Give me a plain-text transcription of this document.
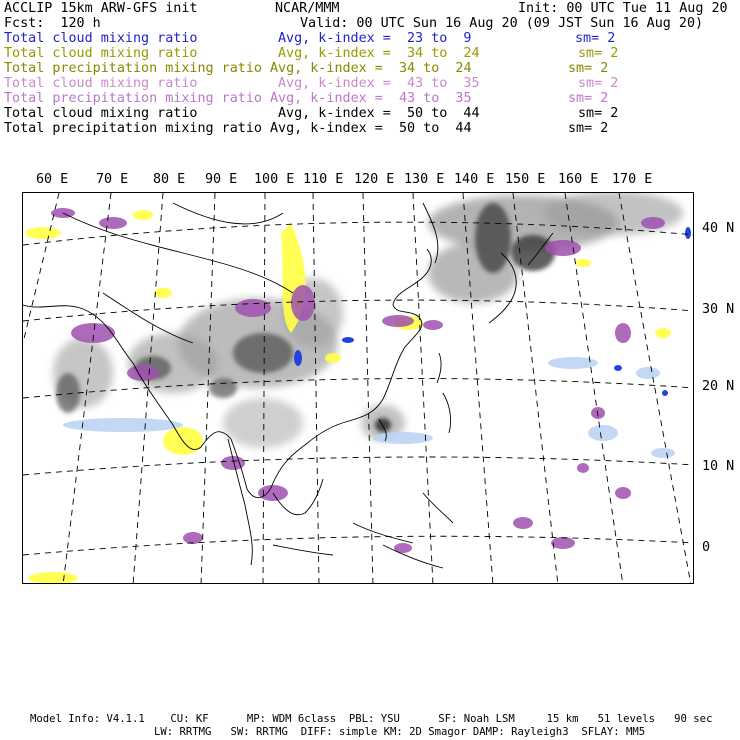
ACCLIP 15km ARW-GFS init	NCAR/MMM	Init: 00 UTC Tue 11 Aug 20
Fcst:  120 h	Valid: 00 UTC Sun 16 Aug 20 (09 JST Sun 16 Aug 20)
Total cloud mixing ratio	Avg, k-index =  23 to  9	sm= 2
Total cloud mixing ratio	Avg, k-index =  34 to  24	sm= 2
Total precipitation mixing ratio Avg, k-index =  34 to  24	sm= 2
Total cloud mixing ratio	Avg, k-index =  43 to  35	sm= 2
Total precipitation mixing ratio Avg, k-index =  43 to  35	sm= 2
Total cloud mixing ratio	Avg, k-index =  50 to  44	sm= 2
Total precipitation mixing ratio Avg, k-index =  50 to  44	sm= 2
60 E 70 E 80 E 90 E 100 E 110 E 120 E 130 E 140 E 150 E 160 E 170 E
40 N
30 N
20 N
10 N
0
Model Info: V4.1.1    CU: KF      MP: WDM 6class  PBL: YSU      SF: Noah LSM     15 km   51 levels   90 sec
LW: RRTMG   SW: RRTMG  DIFF: simple KM: 2D Smagor DAMP: Rayleigh3  SFLAY: MM5
